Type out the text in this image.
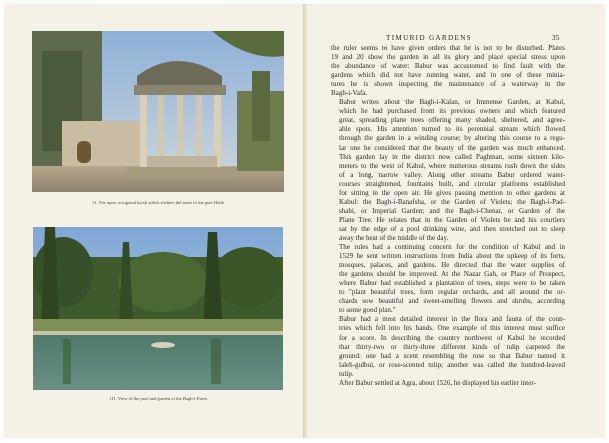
11. The open, octagonal kiosk which shelters the tomb of the poet Hafiz
111. View of the pool and garden of the Bagh-i-Eram
TIMURID GARDENS	35

the ruler seems to have given orders that he is not to be disturbed. Plates
19 and 20 show the garden in all its glory and place special stress upon
the abundance of water: Babur was accustomed to find fault with the
gardens which did not have running water, and in one of these minia-
tures he is shown inspecting the maintenance of a waterway in the
Bagh-i-Vafa.

Babur writes about the Bagh-i-Kalan, or Immense Garden, at Kabul,
which he had purchased from its previous owners and which featured
great, spreading plane trees offering many shaded, sheltered, and agree-
able spots. His attention turned to its perennial stream which flowed
through the garden in a winding course; by altering this course to a regu-
lar one he considered that the beauty of the garden was much enhanced.
This garden lay in the district now called Paghman, some sixteen kilo-
meters to the west of Kabul, where numerous streams rush down the sides
of a long, narrow valley. Along other streams Babur ordered water-
courses straightened, fountains built, and circular platforms established
for sitting in the open air. He gives passing mention to other gardens at
Kabul: the Bagh-i-Banafsha, or the Garden of Violets; the Bagh-i-Pad-
shahi, or Imperial Garden; and the Bagh-i-Chenar, or Garden of the
Plane Tree. He relates that in the Garden of Violets he and his courtiers
sat by the edge of a pool drinking wine, and then stretched out to sleep
away the heat of the middle of the day.

The rules had a continuing concern for the condition of Kabul and in
1529 he sent written instructions from India about the upkeep of its forts,
mosques, palaces, and gardens. He directed that the water supplies of
the gardens should be improved. At the Nazar Gah, or Place of Prospect,
where Babur had established a plantation of trees, steps were to be taken
to "plant beautiful trees, form regular orchards, and all around the or-
chards sow beautiful and sweet-smelling flowers and shrubs, according
to some good plan."

Babur had a most detailed interest in the flora and fauna of the coun-
tries which fell into his hands. One example of this interest must suffice
for a score. In describing the country northwest of Kabul he recorded
that thirty-two or thirty-three different kinds of tulip carpeted the
ground: one had a scent resembling the rose so that Babur named it
laleh-gulbui, or rose-scented tulip; another was called the hundred-leaved
tulip.

After Babur settled at Agra, about 1526, he displayed his earlier inter-
